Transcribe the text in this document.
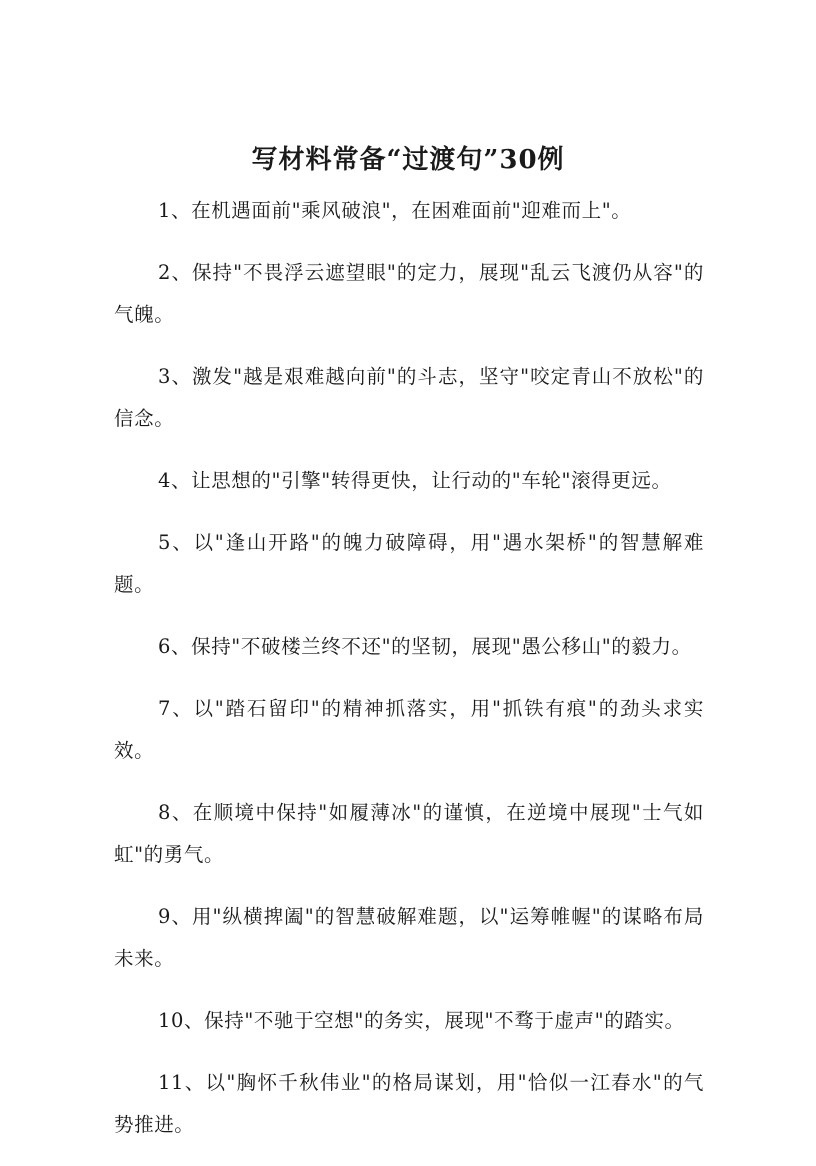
写材料常备“过渡句”30例

1、在机遇面前"乘风破浪"，在困难面前"迎难而上"。

2、保持"不畏浮云遮望眼"的定力，展现"乱云飞渡仍从容"的气魄。

3、激发"越是艰难越向前"的斗志，坚守"咬定青山不放松"的信念。

4、让思想的"引擎"转得更快，让行动的"车轮"滚得更远。

5、以"逢山开路"的魄力破障碍，用"遇水架桥"的智慧解难题。

6、保持"不破楼兰终不还"的坚韧，展现"愚公移山"的毅力。

7、以"踏石留印"的精神抓落实，用"抓铁有痕"的劲头求实效。

8、在顺境中保持"如履薄冰"的谨慎，在逆境中展现"士气如虹"的勇气。

9、用"纵横捭阖"的智慧破解难题，以"运筹帷幄"的谋略布局未来。

10、保持"不驰于空想"的务实，展现"不骛于虚声"的踏实。

11、以"胸怀千秋伟业"的格局谋划，用"恰似一江春水"的气势推进。
